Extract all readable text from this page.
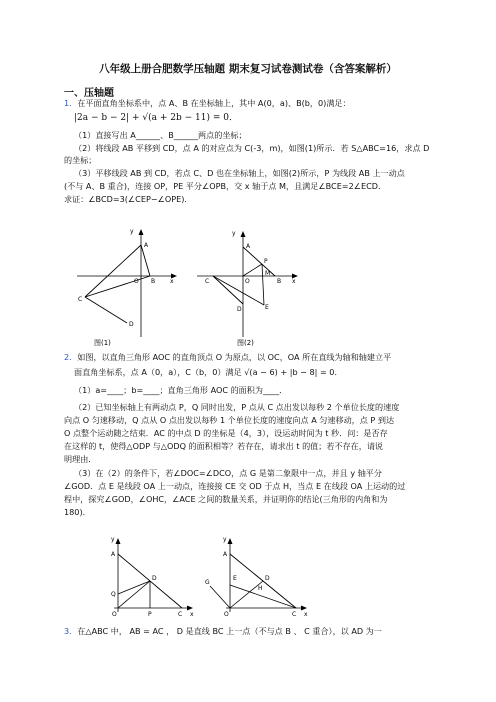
八年级上册合肥数学压轴题 期末复习试卷测试卷（含答案解析）
一、压轴题
1．在平面直角坐标系中，点 A、B 在坐标轴上，其中 A(0，a)、B(b，0)满足：
|2a − b − 2| + √(a + 2b − 11) = 0．
（1）直接写出 A______、B______两点的坐标；
（2）将线段 AB 平移到 CD，点 A 的对应点为 C(-3，m)，如图(1)所示．若 S△ABC=16，求点 D
的坐标；
（3）平移线段 AB 到 CD，若点 C、D 也在坐标轴上，如图(2)所示，P 为线段 AB 上一动点
(不与 A、B 重合)，连接 OP，PE 平分∠OPB，交 x 轴于点 M，且满足∠BCE=2∠ECD．
求证：∠BCD=3(∠CEP−∠OPE)．
y
A
O B x
C
D
图(1)
y
A
P
M
C	O	B x
D	E
图(2)
2．如图，以直角三角形 AOC 的直角顶点 O 为原点，以 OC，OA 所在直线为轴和轴建立平
面直角坐标系，点 A（0，a），C（b，0）满足 √(a − 6) + |b − 8| = 0．
（1）a=____；b=____；直角三角形 AOC 的面积为____．
（2）已知坐标轴上有两动点 P，Q 同时出发，P 点从 C 点出发以每秒 2 个单位长度的速度
向点 O 匀速移动，Q 点从 O 点出发以每秒 1 个单位长度的速度向点 A 匀速移动，点 P 到达
O 点整个运动随之结束．AC 的中点 D 的坐标是（4，3），设运动时间为 t 秒．问：是否存
在这样的 t，使得△ODP 与△ODQ 的面积相等？若存在，请求出 t 的值；若不存在，请说
明理由．
（3）在（2）的条件下，若∠DOC=∠DCO，点 G 是第二象限中一点，并且 y 轴平分
∠GOD．点 E 是线段 OA 上一动点，连接接 CE 交 OD 于点 H，当点 E 在线段 OA 上运动的过
程中，探究∠GOD，∠OHC，∠ACE 之间的数量关系，并证明你的结论(三角形的内角和为
180)．
y
A
Q
D
O	P	C x
y
A
G
E
H
D
O	C x
3．在△ABC 中， AB = AC ， D 是直线 BC 上一点（不与点 B 、 C 重合），以 AD 为一
